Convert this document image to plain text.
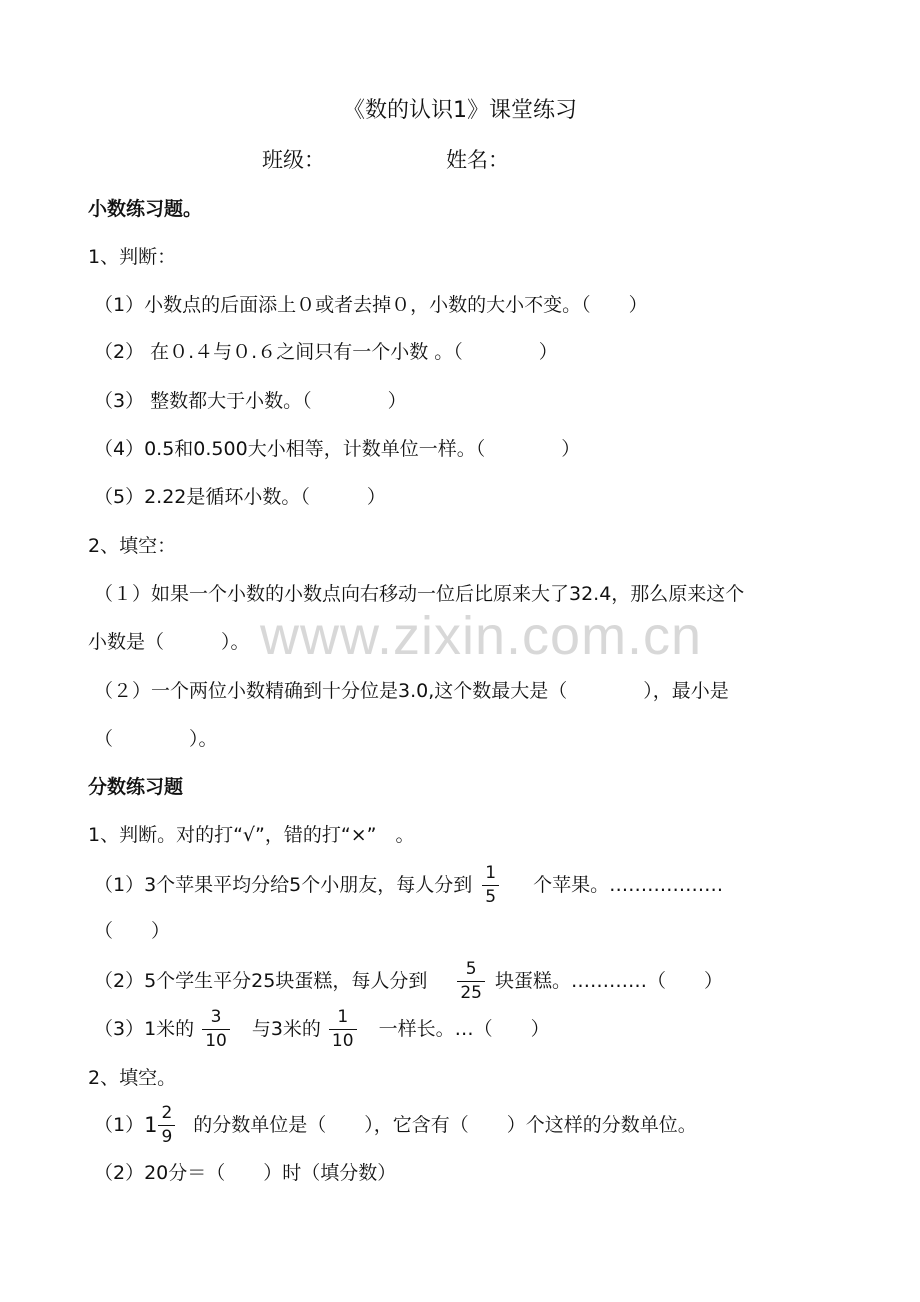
《数的认识1》课堂练习
班级：	姓名：
小数练习题。
1、判断：
（1）小数点的后面添上０或者去掉０，小数的大小不变。（　　）
（2） 在０.４与０.６之间只有一个小数 。（　　　　）
（3） 整数都大于小数。（　　　　）
（4）0.5和0.500大小相等，计数单位一样。（　　　　）
（5）2.22是循环小数。（　　　）
2、填空：
（１）如果一个小数的小数点向右移动一位后比原来大了32.4，那么原来这个
小数是（　　　）。
（２）一个两位小数精确到十分位是3.0,这个数最大是（　　　　），最小是
（　　　　）。
www.zixin.com.cn
分数练习题
1、判断。对的打“√”，错的打“×”　。
（1）3个苹果平均分给5个小朋友，每人分到 $\frac{1}{5}$ 个苹果。………………
（　　）
（2）5个学生平分25块蛋糕，每人分到 $\frac{5}{25}$ 块蛋糕。…………（　　）
（3）1米的 $\frac{3}{10}$ 与3米的 $\frac{1}{10}$ 一样长。…（　　）
2、填空。
（1） $1 \frac{2}{9}$ 的分数单位是（　　），它含有（　　）个这样的分数单位。
（2）20分＝（　　）时（填分数）
